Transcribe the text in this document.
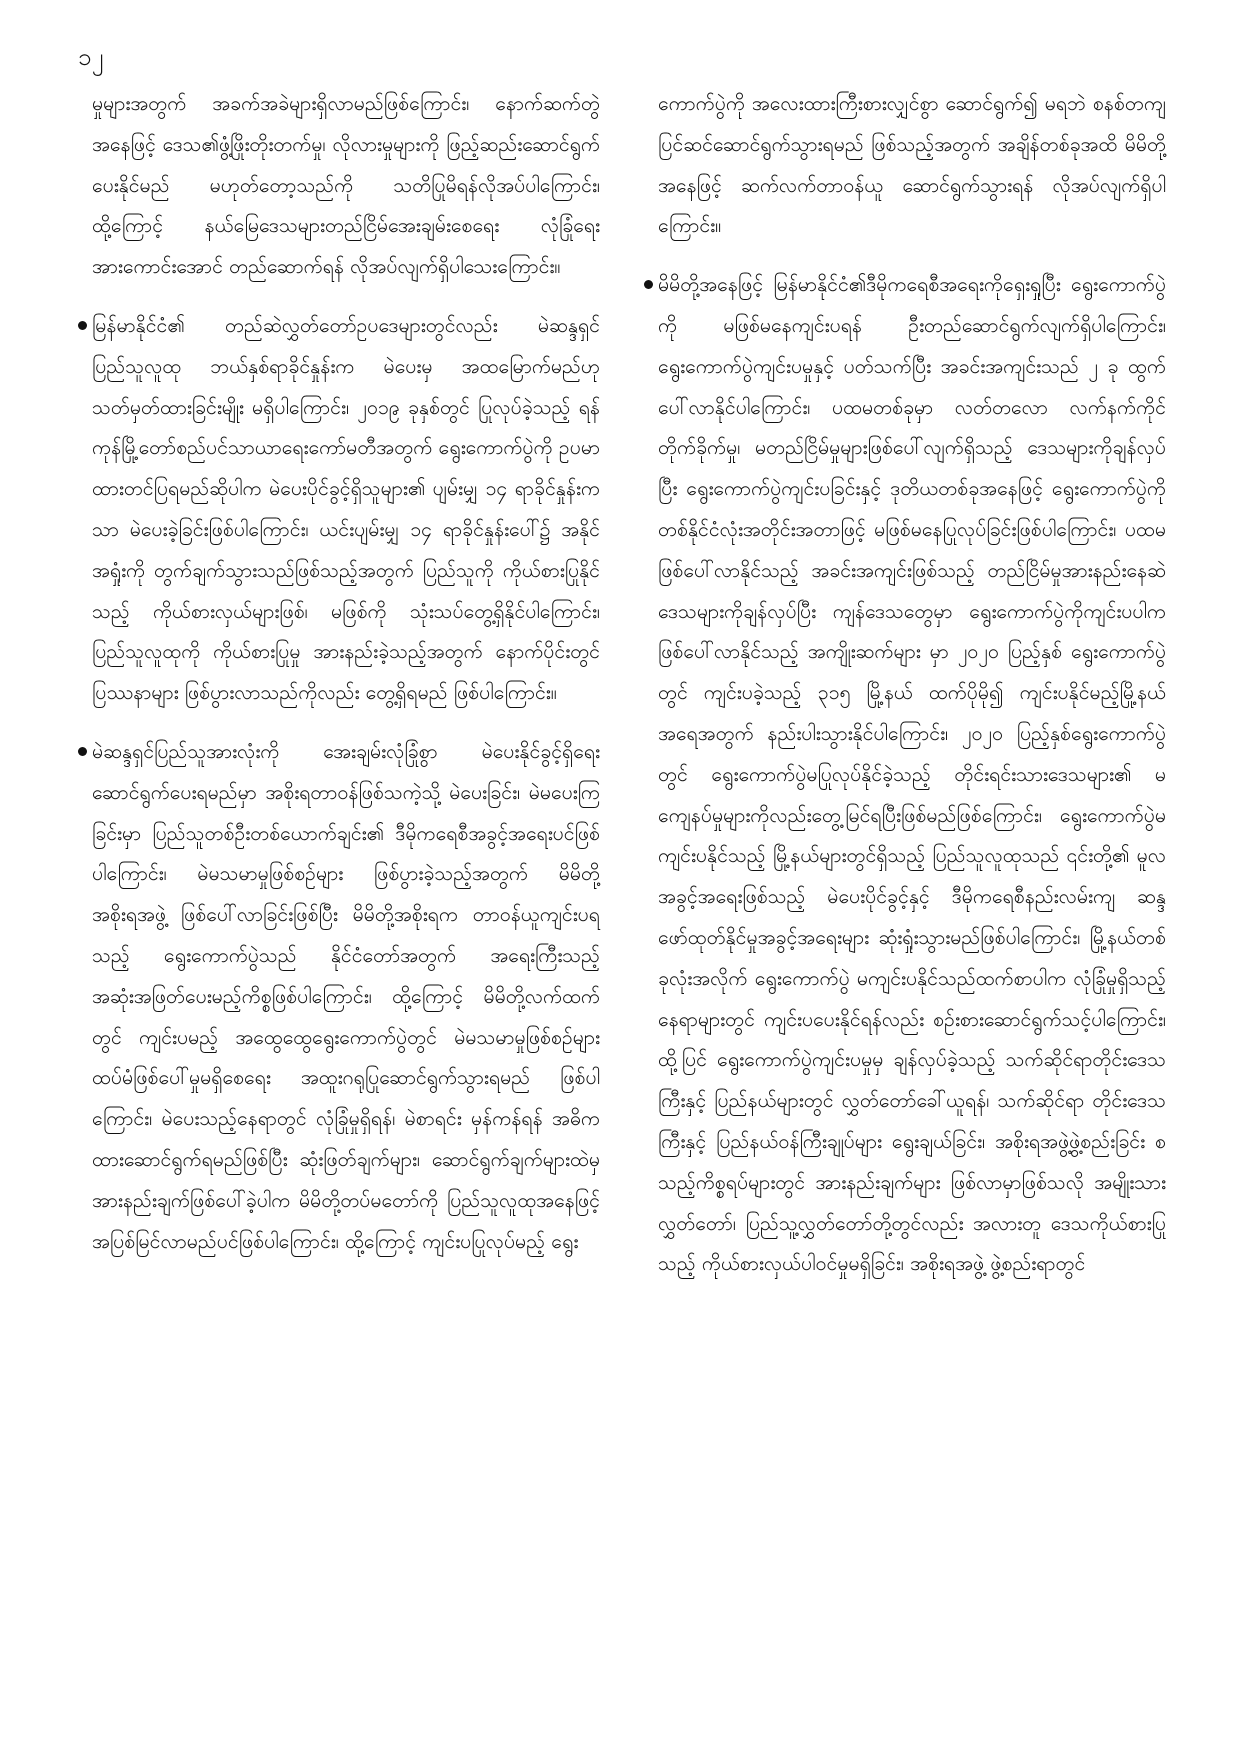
၁၂

မှုများအတွက် အခက်အခဲများရှိလာမည်ဖြစ်ကြောင်း၊ နောက်ဆက်တွဲအနေဖြင့် ဒေသ၏ဖွံ့ဖြိုးတိုးတက်မှု၊ လိုလားမှုများကို ဖြည့်ဆည်းဆောင်ရွက်ပေးနိုင်မည် မဟုတ်တော့သည်ကို သတိပြုမိရန်လိုအပ်ပါကြောင်း၊ ထို့ကြောင့် နယ်မြေဒေသများတည်ငြိမ်အေးချမ်းစေရေး လုံခြုံရေးအားကောင်းအောင် တည်ဆောက်ရန် လိုအပ်လျက်ရှိပါသေးကြောင်း။

မြန်မာနိုင်ငံ၏ တည်ဆဲလွှတ်တော်ဥပဒေများတွင်လည်း မဲဆန္ဒရှင်ပြည်သူလူထု ဘယ်နှစ်ရာခိုင်နှုန်းက မဲပေးမှ အထမြောက်မည်ဟု သတ်မှတ်ထားခြင်းမျိုး မရှိပါကြောင်း၊ ၂၀၁၉ ခုနှစ်တွင် ပြုလုပ်ခဲ့သည့် ရန်ကုန်မြို့တော်စည်ပင်သာယာရေးကော်မတီအတွက် ရွေးကောက်ပွဲကို ဥပမာထားတင်ပြရမည်ဆိုပါက မဲပေးပိုင်ခွင့်ရှိသူများ၏ ပျမ်းမျှ ၁၄ ရာခိုင်နှုန်းကသာ မဲပေးခဲ့ခြင်းဖြစ်ပါကြောင်း၊ ယင်းပျမ်းမျှ ၁၄ ရာခိုင်နှုန်းပေါ်၌ အနိုင်အရှုံးကို တွက်ချက်သွားသည်ဖြစ်သည့်အတွက် ပြည်သူကို ကိုယ်စားပြုနိုင်သည့် ကိုယ်စားလှယ်များဖြစ်၊ မဖြစ်ကို သုံးသပ်တွေ့ရှိနိုင်ပါကြောင်း၊ ပြည်သူလူထုကို ကိုယ်စားပြုမှု အားနည်းခဲ့သည့်အတွက် နောက်ပိုင်းတွင် ပြဿနာများ ဖြစ်ပွားလာသည်ကိုလည်း တွေ့ရှိရမည် ဖြစ်ပါကြောင်း။

မဲဆန္ဒရှင်ပြည်သူအားလုံးကို အေးချမ်းလုံခြုံစွာ မဲပေးနိုင်ခွင့်ရှိရေး ဆောင်ရွက်ပေးရမည်မှာ အစိုးရတာဝန်ဖြစ်သကဲ့သို့ မဲပေးခြင်း၊ မဲမပေးကြခြင်းမှာ ပြည်သူတစ်ဦးတစ်ယောက်ချင်း၏ ဒီမိုကရေစီအခွင့်အရေးပင်ဖြစ်ပါကြောင်း၊ မဲမသမာမှုဖြစ်စဉ်များ ဖြစ်ပွားခဲ့သည့်အတွက် မိမိတို့အစိုးရအဖွဲ့ ဖြစ်ပေါ်လာခြင်းဖြစ်ပြီး မိမိတို့အစိုးရက တာဝန်ယူကျင်းပရသည့် ရွေးကောက်ပွဲသည် နိုင်ငံတော်အတွက် အရေးကြီးသည့် အဆုံးအဖြတ်ပေးမည့်ကိစ္စဖြစ်ပါကြောင်း၊ ထို့ကြောင့် မိမိတို့လက်ထက်တွင် ကျင်းပမည့် အထွေထွေရွေးကောက်ပွဲတွင် မဲမသမာမှုဖြစ်စဉ်များ ထပ်မံဖြစ်ပေါ်မှုမရှိစေရေး အထူးဂရုပြုဆောင်ရွက်သွားရမည် ဖြစ်ပါကြောင်း၊ မဲပေးသည့်နေရာတွင် လုံခြုံမှုရှိရန်၊ မဲစာရင်း မှန်ကန်ရန် အဓိကထားဆောင်ရွက်ရမည်ဖြစ်ပြီး ဆုံးဖြတ်ချက်များ၊ ဆောင်ရွက်ချက်များထဲမှ အားနည်းချက်ဖြစ်ပေါ်ခဲ့ပါက မိမိတို့တပ်မတော်ကို ပြည်သူလူထုအနေဖြင့် အပြစ်မြင်လာမည်ပင်ဖြစ်ပါကြောင်း၊ ထို့ကြောင့် ကျင်းပပြုလုပ်မည့် ရွေး

ကောက်ပွဲကို အလေးထားကြီးစားလျှင်စွာ ဆောင်ရွက်၍ မရဘဲ စနစ်တကျ ပြင်ဆင်ဆောင်ရွက်သွားရမည် ဖြစ်သည့်အတွက် အချိန်တစ်ခုအထိ မိမိတို့အနေဖြင့် ဆက်လက်တာဝန်ယူ ဆောင်ရွက်သွားရန် လိုအပ်လျက်ရှိပါကြောင်း။

မိမိတို့အနေဖြင့် မြန်မာနိုင်ငံ၏ဒီမိုကရေစီအရေးကိုရှေးရှုပြီး ရွေးကောက်ပွဲကို မဖြစ်မနေကျင်းပရန် ဦးတည်ဆောင်ရွက်လျက်ရှိပါကြောင်း၊ ရွေးကောက်ပွဲကျင်းပမှုနှင့် ပတ်သက်ပြီး အခင်းအကျင်းသည် ၂ ခု ထွက်ပေါ်လာနိုင်ပါကြောင်း၊ ပထမတစ်ခုမှာ လတ်တလော လက်နက်ကိုင်တိုက်ခိုက်မှု၊ မတည်ငြိမ်မှုများဖြစ်ပေါ်လျက်ရှိသည့် ဒေသများကိုချန်လှပ်ပြီး ရွေးကောက်ပွဲကျင်းပခြင်းနှင့် ဒုတိယတစ်ခုအနေဖြင့် ရွေးကောက်ပွဲကို တစ်နိုင်ငံလုံးအတိုင်းအတာဖြင့် မဖြစ်မနေပြုလုပ်ခြင်းဖြစ်ပါကြောင်း၊ ပထမဖြစ်ပေါ်လာနိုင်သည့် အခင်းအကျင်းဖြစ်သည့် တည်ငြိမ်မှုအားနည်းနေဆဲဒေသများကိုချန်လှပ်ပြီး ကျန်ဒေသတွေမှာ ရွေးကောက်ပွဲကိုကျင်းပပါက ဖြစ်ပေါ်လာနိုင်သည့် အကျိုးဆက်များ မှာ ၂၀၂၀ ပြည့်နှစ် ရွေးကောက်ပွဲတွင် ကျင်းပခဲ့သည့် ၃၁၅ မြို့နယ် ထက်ပိုမို၍ ကျင်းပနိုင်မည့်မြို့နယ်အရေအတွက် နည်းပါးသွားနိုင်ပါကြောင်း၊ ၂၀၂၀ ပြည့်နှစ်ရွေးကောက်ပွဲတွင် ရွေးကောက်ပွဲမပြုလုပ်နိုင်ခဲ့သည့် တိုင်းရင်းသားဒေသများ၏ မကျေနပ်မှုများကိုလည်းတွေ့မြင်ရပြီးဖြစ်မည်ဖြစ်ကြောင်း၊ ရွေးကောက်ပွဲမကျင်းပနိုင်သည့် မြို့နယ်များတွင်ရှိသည့် ပြည်သူလူထုသည် ၎င်းတို့၏ မူလအခွင့်အရေးဖြစ်သည့် မဲပေးပိုင်ခွင့်နှင့် ဒီမိုကရေစီနည်းလမ်းကျ ဆန္ဒဖော်ထုတ်နိုင်မှုအခွင့်အရေးများ ဆုံးရှုံးသွားမည်ဖြစ်ပါကြောင်း၊ မြို့နယ်တစ်ခုလုံးအလိုက် ရွေးကောက်ပွဲ မကျင်းပနိုင်သည်ထက်စာပါက လုံခြုံမှုရှိသည့်နေရာများတွင် ကျင်းပပေးနိုင်ရန်လည်း စဉ်းစားဆောင်ရွက်သင့်ပါကြောင်း၊ ထို့ပြင် ရွေးကောက်ပွဲကျင်းပမှုမှ ချန်လှပ်ခဲ့သည့် သက်ဆိုင်ရာတိုင်းဒေသကြီးနှင့် ပြည်နယ်များတွင် လွှတ်တော်ခေါ်ယူရန်၊ သက်ဆိုင်ရာ တိုင်းဒေသကြီးနှင့် ပြည်နယ်ဝန်ကြီးချုပ်များ ရွေးချယ်ခြင်း၊ အစိုးရအဖွဲ့ဖွဲ့စည်းခြင်း စသည့်ကိစ္စရပ်များတွင် အားနည်းချက်များ ဖြစ်လာမှာဖြစ်သလို အမျိုးသားလွှတ်တော်၊ ပြည်သူ့လွှတ်တော်တို့တွင်လည်း အလားတူ ဒေသကိုယ်စားပြုသည့် ကိုယ်စားလှယ်ပါဝင်မှုမရှိခြင်း၊ အစိုးရအဖွဲ့ ဖွဲ့စည်းရာတွင်
